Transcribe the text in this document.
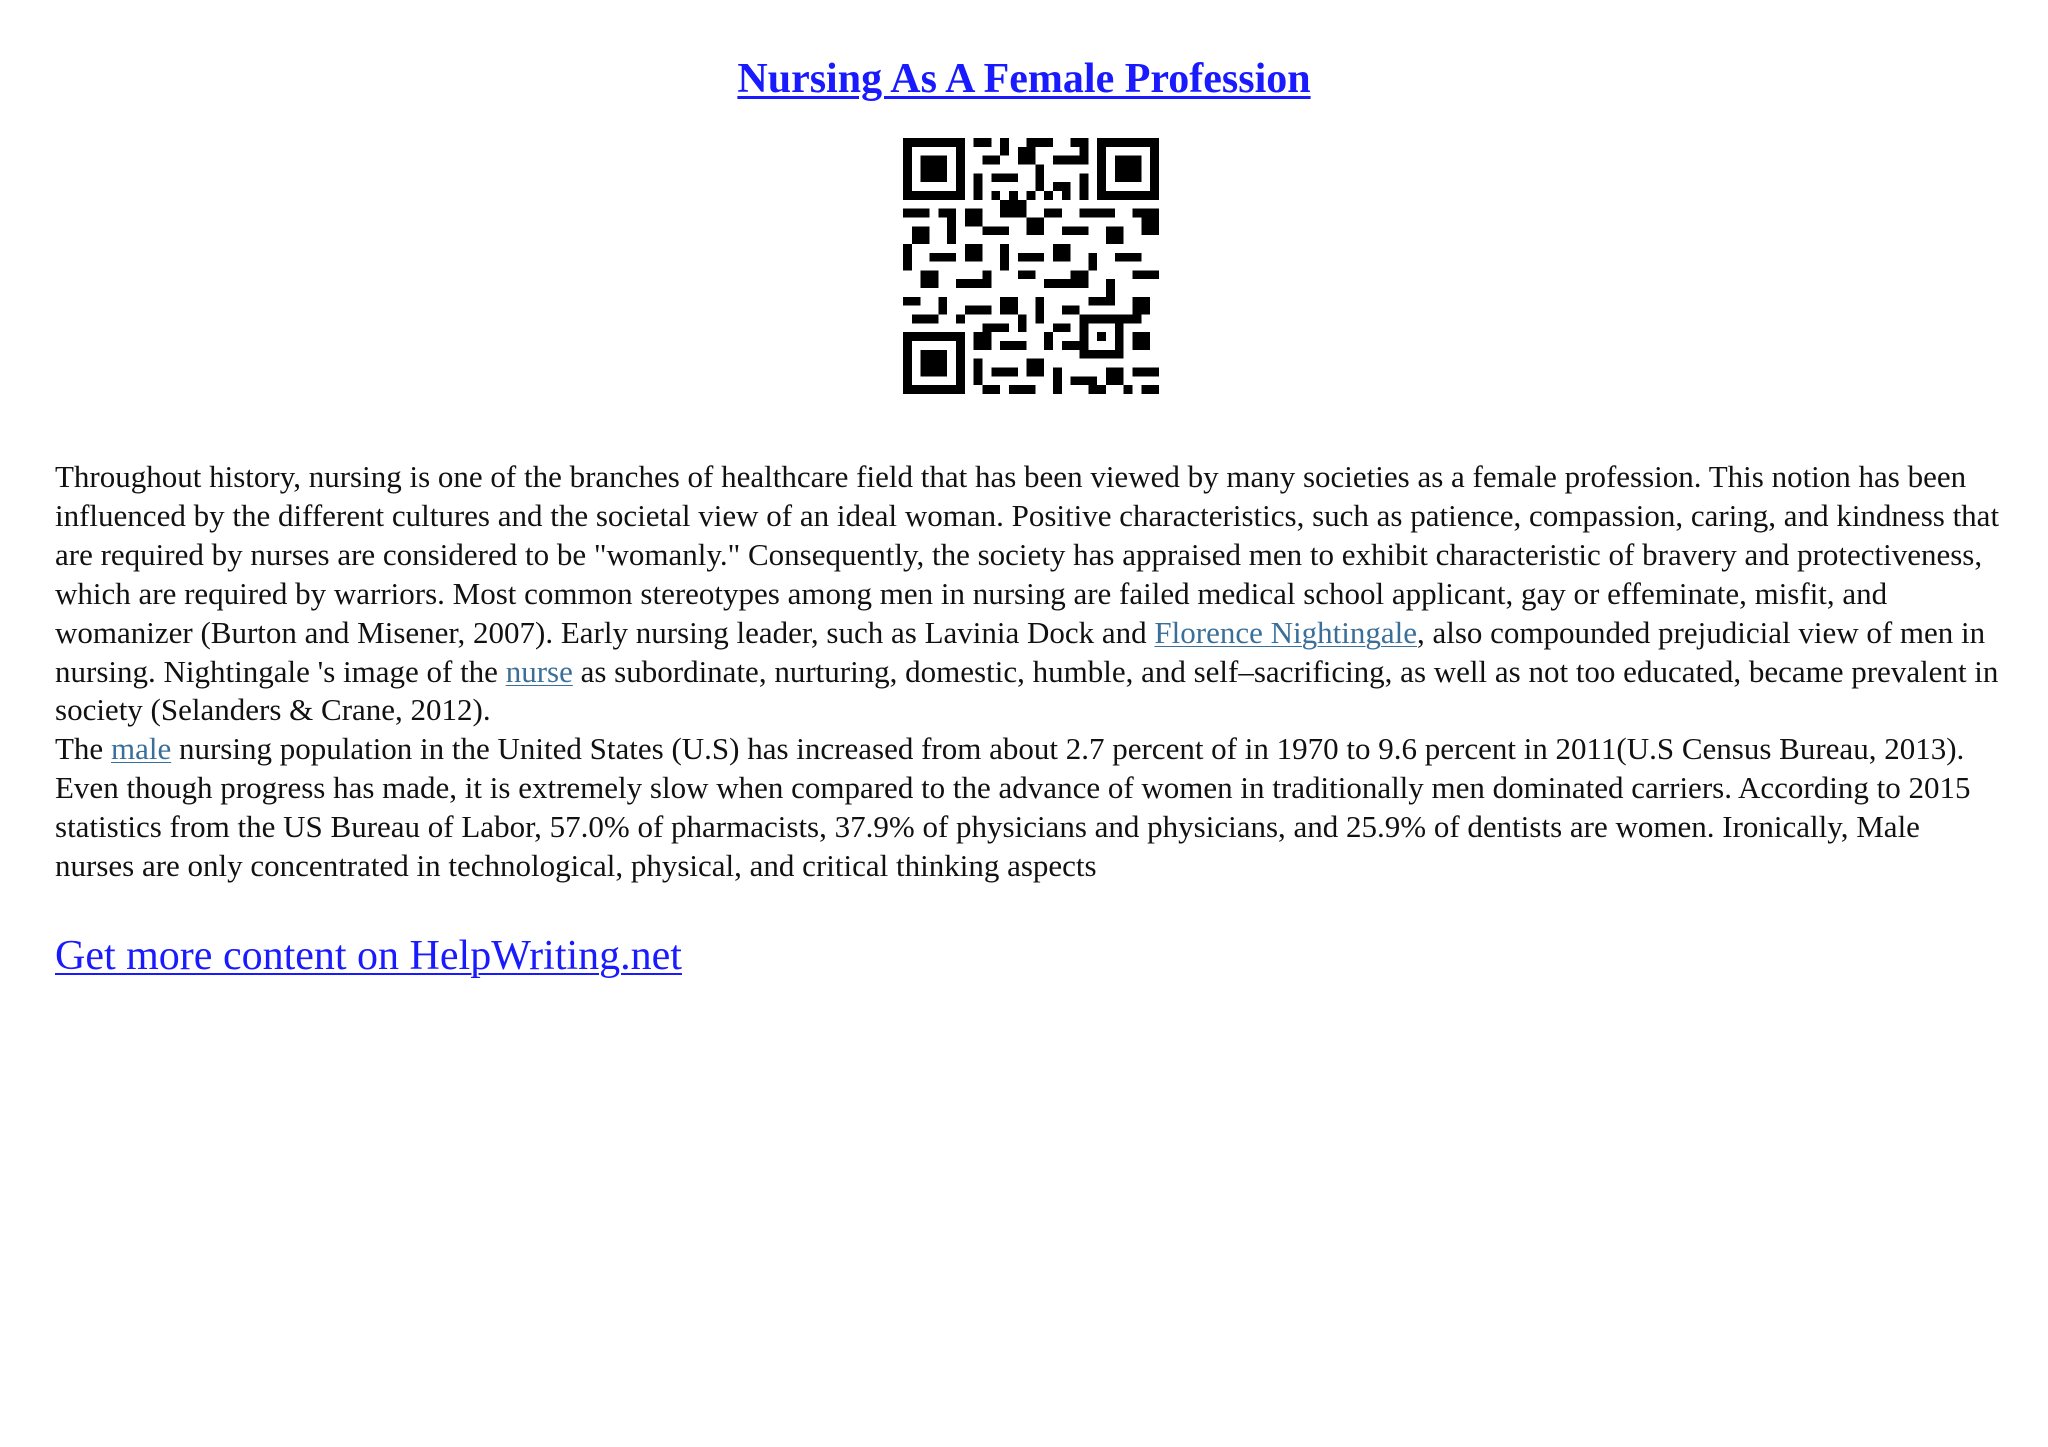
Nursing As A Female Profession

Throughout history, nursing is one of the branches of healthcare field that has been viewed by many societies as a female profession. This notion has been influenced by the different cultures and the societal view of an ideal woman. Positive characteristics, such as patience, compassion, caring, and kindness that are required by nurses are considered to be "womanly." Consequently, the society has appraised men to exhibit characteristic of bravery and protectiveness, which are required by warriors. Most common stereotypes among men in nursing are failed medical school applicant, gay or effeminate, misfit, and womanizer (Burton and Misener, 2007). Early nursing leader, such as Lavinia Dock and Florence Nightingale, also compounded prejudicial view of men in nursing. Nightingale 's image of the nurse as subordinate, nurturing, domestic, humble, and self–sacrificing, as well as not too educated, became prevalent in society (Selanders & Crane, 2012).

The male nursing population in the United States (U.S) has increased from about 2.7 percent of in 1970 to 9.6 percent in 2011(U.S Census Bureau, 2013). Even though progress has made, it is extremely slow when compared to the advance of women in traditionally men dominated carriers. According to 2015 statistics from the US Bureau of Labor, 57.0% of pharmacists, 37.9% of physicians and physicians, and 25.9% of dentists are women. Ironically, Male nurses are only concentrated in technological, physical, and critical thinking aspects

Get more content on HelpWriting.net
